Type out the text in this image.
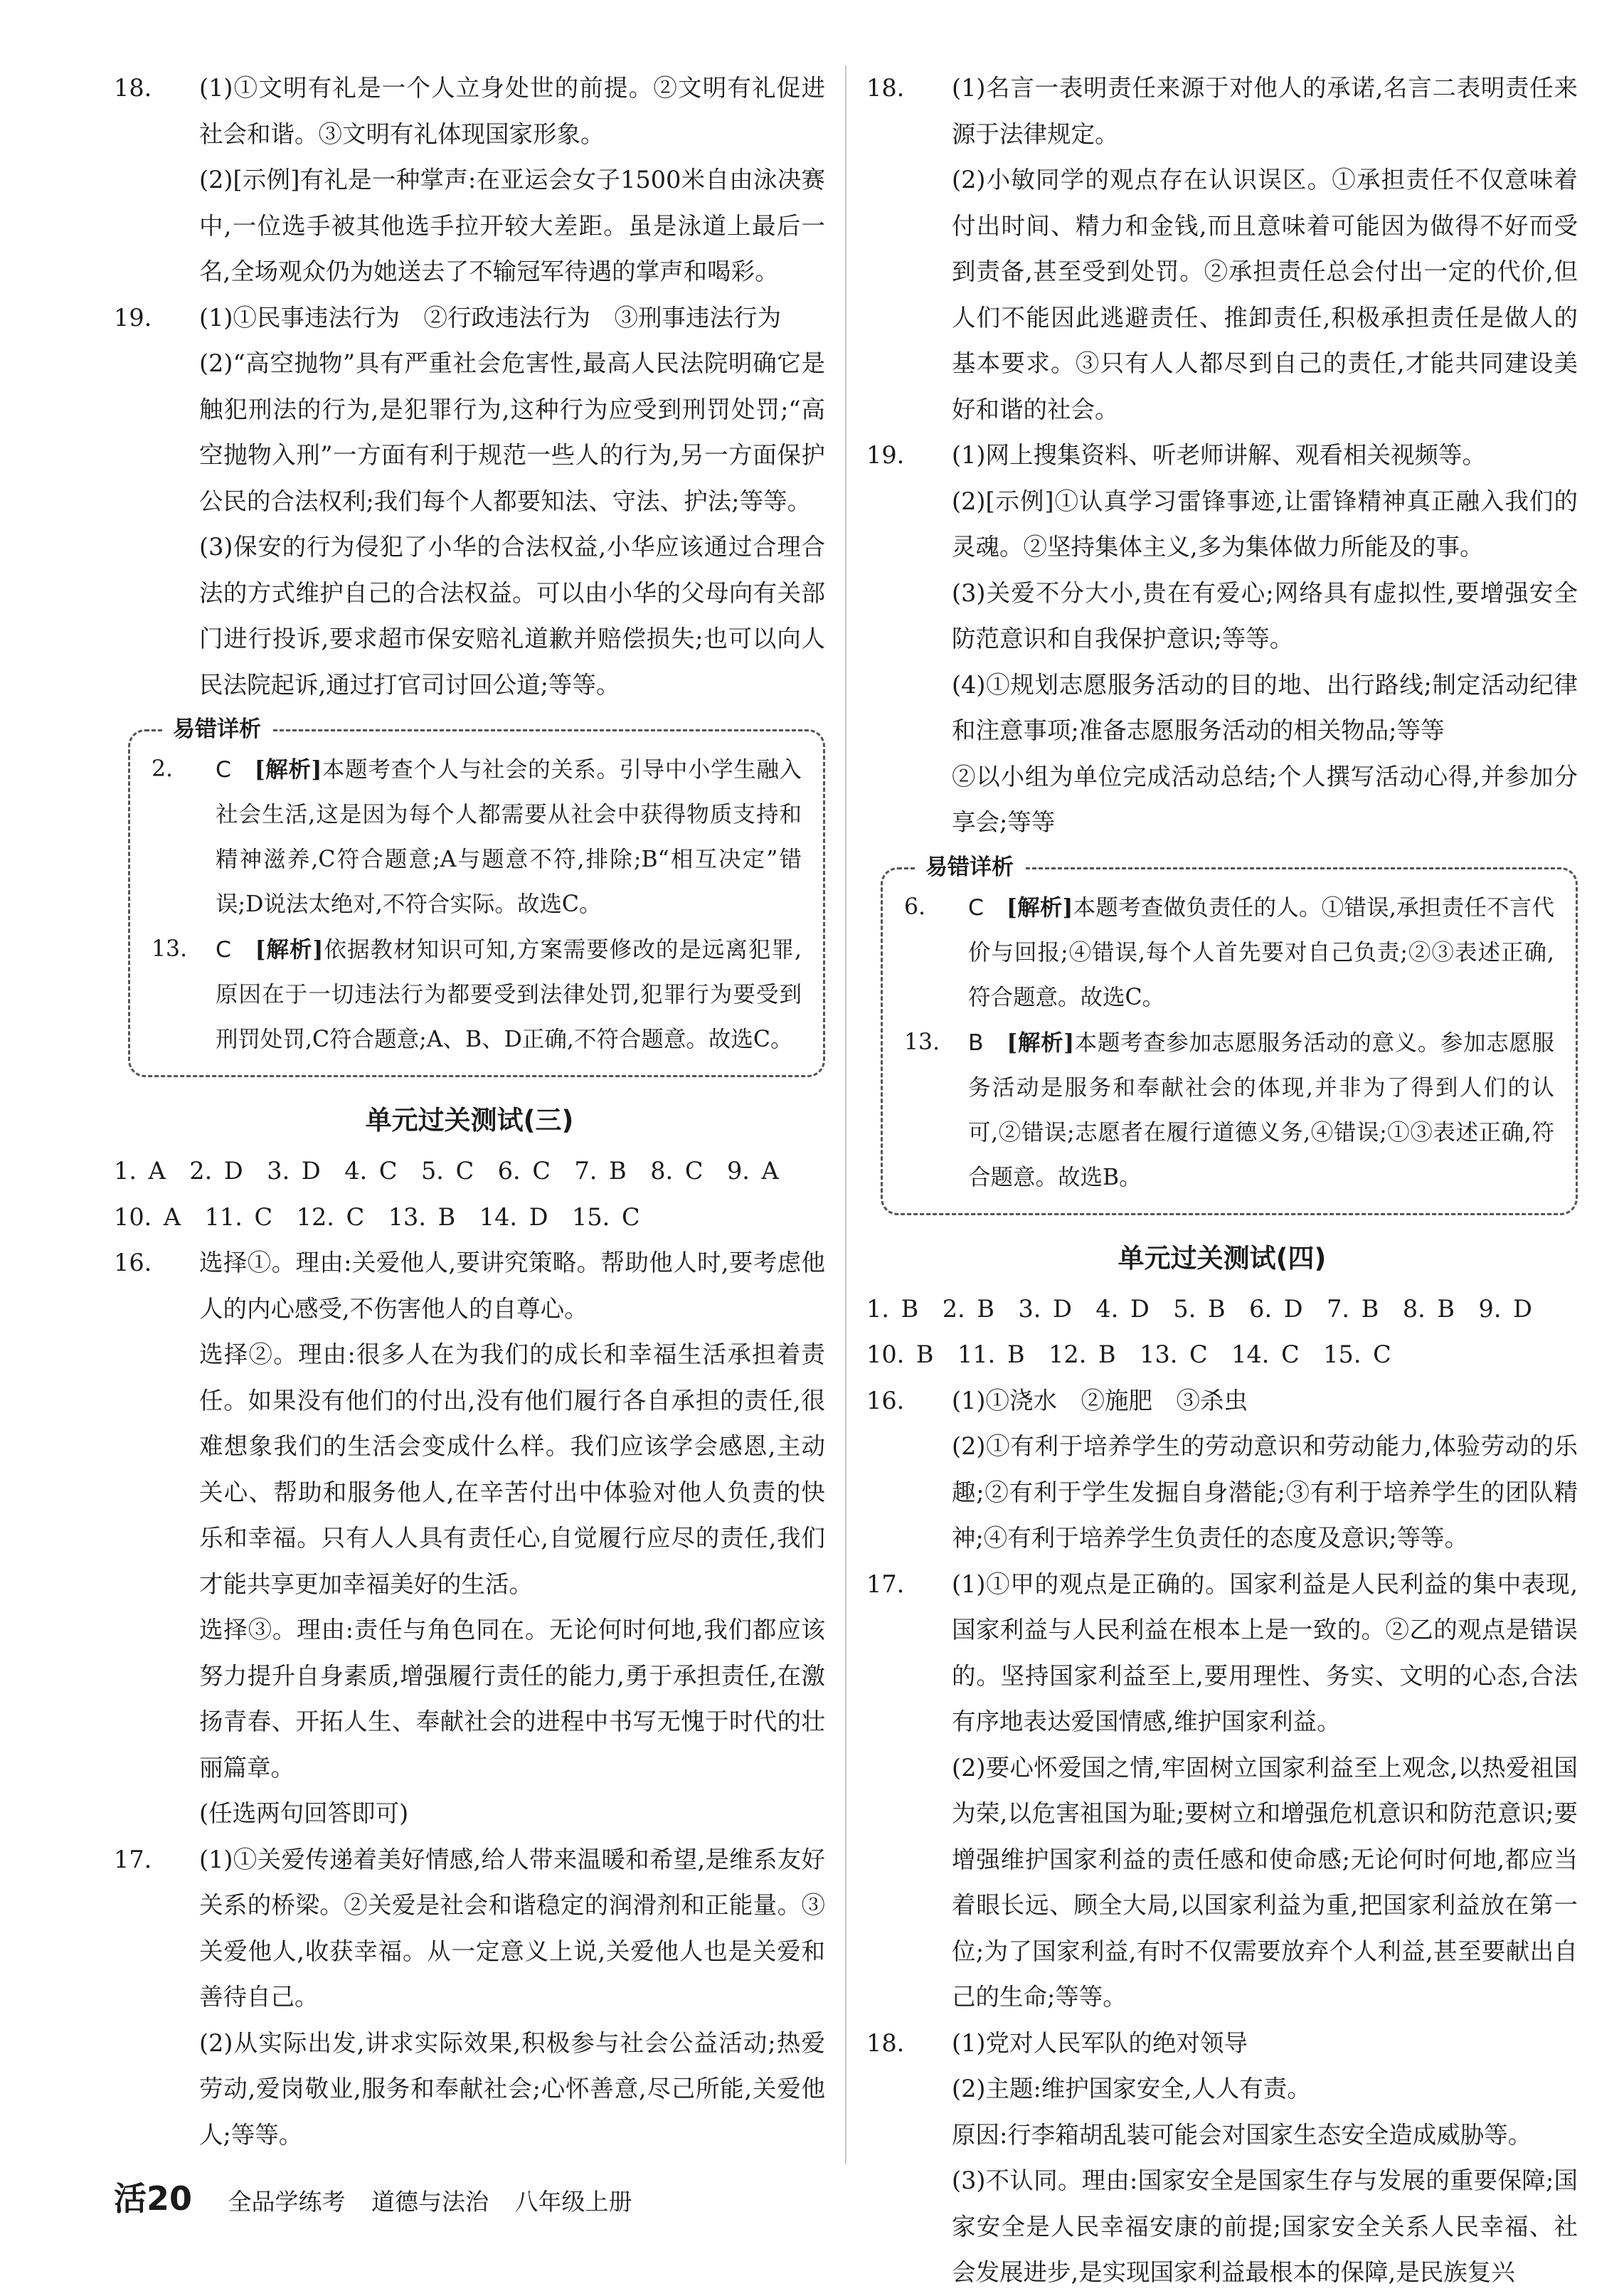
18. (1)①文明有礼是一个人立身处世的前提。②文明有礼促进社会和谐。③文明有礼体现国家形象。

(2)[示例]有礼是一种掌声:在亚运会女子1500米自由泳决赛中,一位选手被其他选手拉开较大差距。虽是泳道上最后一名,全场观众仍为她送去了不输冠军待遇的掌声和喝彩。

19. (1)①民事违法行为　②行政违法行为　③刑事违法行为

(2)“高空抛物”具有严重社会危害性,最高人民法院明确它是触犯刑法的行为,是犯罪行为,这种行为应受到刑罚处罚;“高空抛物入刑”一方面有利于规范一些人的行为,另一方面保护公民的合法权利;我们每个人都要知法、守法、护法;等等。

(3)保安的行为侵犯了小华的合法权益,小华应该通过合理合法的方式维护自己的合法权益。可以由小华的父母向有关部门进行投诉,要求超市保安赔礼道歉并赔偿损失;也可以向人民法院起诉,通过打官司讨回公道;等等。

易错详析
2. C　 [解析]本题考查个人与社会的关系。引导中小学生融入社会生活,这是因为每个人都需要从社会中获得物质支持和精神滋养,C符合题意;A与题意不符,排除;B“相互决定”错误;D说法太绝对,不符合实际。故选C。

13. C　 [解析]依据教材知识可知,方案需要修改的是远离犯罪,原因在于一切违法行为都要受到法律处罚,犯罪行为要受到刑罚处罚,C符合题意;A、B、D正确,不符合题意。故选C。

单元过关测试(三)
1. A　2. D　3. D　4. C　5. C　6. C　7. B　8. C　9. A
10. A　11. C　12. C　13. B　14. D　15. C
16. 选择①。理由:关爱他人,要讲究策略。帮助他人时,要考虑他人的内心感受,不伤害他人的自尊心。

选择②。理由:很多人在为我们的成长和幸福生活承担着责任。如果没有他们的付出,没有他们履行各自承担的责任,很难想象我们的生活会变成什么样。我们应该学会感恩,主动关心、帮助和服务他人,在辛苦付出中体验对他人负责的快乐和幸福。只有人人具有责任心,自觉履行应尽的责任,我们才能共享更加幸福美好的生活。

选择③。理由:责任与角色同在。无论何时何地,我们都应该努力提升自身素质,增强履行责任的能力,勇于承担责任,在激扬青春、开拓人生、奉献社会的进程中书写无愧于时代的壮丽篇章。

(任选两句回答即可)

17. (1)①关爱传递着美好情感,给人带来温暖和希望,是维系友好关系的桥梁。②关爱是社会和谐稳定的润滑剂和正能量。③关爱他人,收获幸福。从一定意义上说,关爱他人也是关爱和善待自己。

(2)从实际出发,讲求实际效果,积极参与社会公益活动;热爱劳动,爱岗敬业,服务和奉献社会;心怀善意,尽己所能,关爱他人;等等。

18. (1)名言一表明责任来源于对他人的承诺,名言二表明责任来源于法律规定。

(2)小敏同学的观点存在认识误区。①承担责任不仅意味着付出时间、精力和金钱,而且意味着可能因为做得不好而受到责备,甚至受到处罚。②承担责任总会付出一定的代价,但人们不能因此逃避责任、推卸责任,积极承担责任是做人的基本要求。③只有人人都尽到自己的责任,才能共同建设美好和谐的社会。

19. (1)网上搜集资料、听老师讲解、观看相关视频等。

(2)[示例]①认真学习雷锋事迹,让雷锋精神真正融入我们的灵魂。②坚持集体主义,多为集体做力所能及的事。

(3)关爱不分大小,贵在有爱心;网络具有虚拟性,要增强安全防范意识和自我保护意识;等等。

(4)①规划志愿服务活动的目的地、出行路线;制定活动纪律和注意事项;准备志愿服务活动的相关物品;等等

②以小组为单位完成活动总结;个人撰写活动心得,并参加分享会;等等

易错详析
6. C　 [解析]本题考查做负责任的人。①错误,承担责任不言代价与回报;④错误,每个人首先要对自己负责;②③表述正确,符合题意。故选C。

13. B　 [解析]本题考查参加志愿服务活动的意义。参加志愿服务活动是服务和奉献社会的体现,并非为了得到人们的认可,②错误;志愿者在履行道德义务,④错误;①③表述正确,符合题意。故选B。

单元过关测试(四)
1. B　2. B　3. D　4. D　5. B　6. D　7. B　8. B　9. D
10. B　11. B　12. B　13. C　14. C　15. C
16. (1)①浇水　②施肥　③杀虫

(2)①有利于培养学生的劳动意识和劳动能力,体验劳动的乐趣;②有利于学生发掘自身潜能;③有利于培养学生的团队精神;④有利于培养学生负责任的态度及意识;等等。

17. (1)①甲的观点是正确的。国家利益是人民利益的集中表现,国家利益与人民利益在根本上是一致的。②乙的观点是错误的。坚持国家利益至上,要用理性、务实、文明的心态,合法有序地表达爱国情感,维护国家利益。

(2)要心怀爱国之情,牢固树立国家利益至上观念,以热爱祖国为荣,以危害祖国为耻;要树立和增强危机意识和防范意识;要增强维护国家利益的责任感和使命感;无论何时何地,都应当着眼长远、顾全大局,以国家利益为重,把国家利益放在第一位;为了国家利益,有时不仅需要放弃个人利益,甚至要献出自己的生命;等等。

18. (1)党对人民军队的绝对领导

(2)主题:维护国家安全,人人有责。

原因:行李箱胡乱装可能会对国家生态安全造成威胁等。

(3)不认同。理由:国家安全是国家生存与发展的重要保障;国家安全是人民幸福安康的前提;国家安全关系人民幸福、社会发展进步,是实现国家利益最根本的保障,是民族复兴

活20 全品学练考 道德与法治 八年级上册
